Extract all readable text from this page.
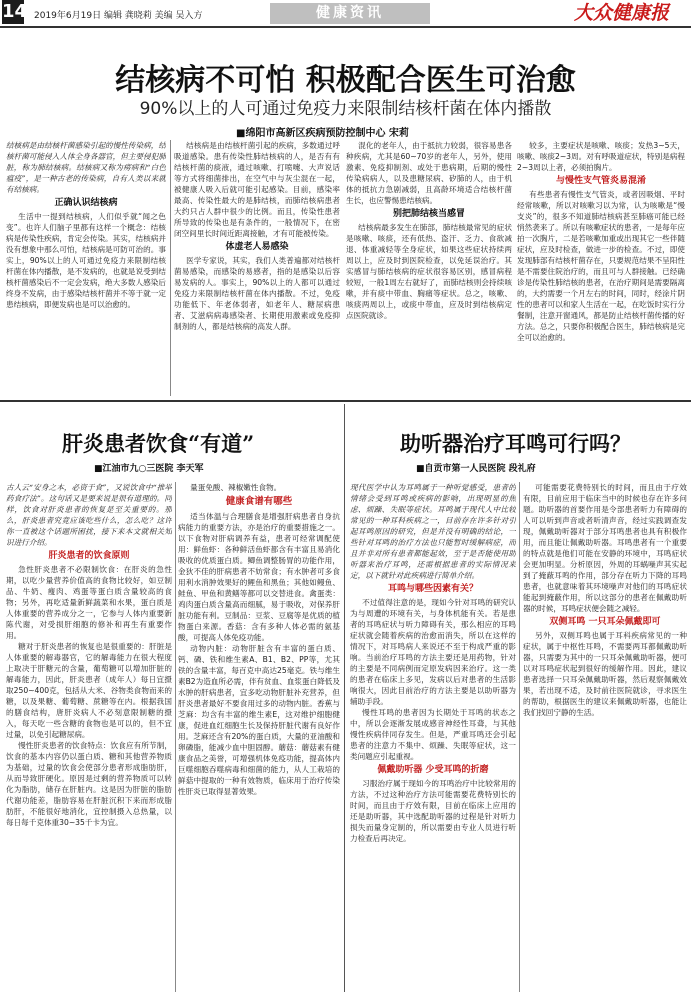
14 2019年6月19日 编辑 龚晓莉 美编 吴入方	健康资讯	大众健康报
结核病不可怕 积极配合医生可治愈
90%以上的人可通过免疫力来限制结核杆菌在体内播散
■绵阳市高新区疾病预防控制中心 宋莉

结核病是由结核杆菌感染引起的慢性传染病，结核杆菌可能侵入人体全身各器官，但主要侵犯肺脏，称为肺结核病。结核病又称为痨病和“白色瘟疫”，是一种古老的传染病，自有人类以来就有结核病。

正确认识结核病

生活中一提到结核病，人们似乎就“闻之色变”。也许人们脑子里都有这样一个概念：结核病是传染性疾病，肯定会传染。其实，结核病并没有想象中那么可怕，结核病是可防可治的。事实上，90%以上的人可通过免疫力来限制结核杆菌在体内播散，是不发病的，也就是说受到结核杆菌感染后不一定会发病，绝大多数人感染后终身不发病，由于感染结核杆菌并不等于就一定患结核病，即便发病也是可以治愈的。

结核病是由结核杆菌引起的疾病，多数通过呼吸道感染。患有传染性肺结核病的人，是否有有结核杆菌的痰液，通过咳嗽、打喷嚏、大声说话等方式将细菌排出，在空气中与灰尘混在一起，被健康人吸入后就可能引起感染。目前，感染率最高、传染性最大的是肺结核，而肺结核病患者大约只占人群中很少的比例。而且，传染性患者所导致的传染也是有条件的，一般情况下，在密闭空间里长时间近距离接触，才有可能被传染。

体虚老人易感染

医学专家说，其实，我们人类普遍都对结核杆菌易感染，而感染的易感者，指的是感染以后容易发病的人。事实上，90%以上的人都可以通过免疫力来限制结核杆菌在体内播散。不过，免疫功能低下、年老体弱者，如老年人、糖尿病患者、艾滋病病毒感染者、长期使用激素或免疫抑制剂的人，都是结核病的高发人群。

混化的老年人，由于抵抗力较弱，很容易患各种疾病，尤其是60~70岁的老年人，另外，使用激素、免疫抑制剂、或处于患病期，后期的慢性传染病病人，以及患糖尿病、矽肺的人，由于机体的抵抗力急剧减弱，且高龄环境适合结核杆菌生长，也应警惕患结核病。

别把肺结核当感冒

结核病最多发生在肺部，肺结核最常见的症状是咳嗽、咳痰，还有低热、盗汗、乏力、食欲减退、体重减轻等全身症状，如果这些症状持续两周以上，应及时到医院检查，以免延误治疗。其实感冒与肺结核病的症状很容易区别，感冒病程较短，一般1周左右就好了，而肺结核则会持续咳嗽，并有痰中带血、胸痛等症状。总之，咳嗽、咳痰两周以上，或痰中带血，应及时到结核病定点医院就诊。

较多，主要症状是咳嗽、咳痰；发热3~5天，咳嗽、咳痰2~3周。对有呼吸道症状，特别是病程2~3周以上者，必须拍胸片。

与慢性支气管炎易混淆

有些患者有慢性支气管炎，或者因吸烟、平时经常咳嗽，所以对咳嗽习以为常，认为咳嗽是“慢支炎”的，很多不知道肺结核病甚至肺癌可能已经悄然袭来了。所以有咳嗽症状的患者，一是每年应拍一次胸片，二是若咳嗽加重或出现其它一些伴随症状，应及时检查，做进一步的检查。不过，即使发现肺部有结核杆菌存在，只要规范结果不呈阳性是不需要住院治疗的，而且可与人群接触。已经确诊是传染性肺结核的患者，在治疗期间是需要隔离的，大约需要一个月左右的时间，同时，经涂片阴性的患者可以和家人生活在一起，在吃饭时实行分餐制，注意开窗通风，都是防止结核杆菌传播的好方法。总之，只要你积极配合医生，肺结核病是完全可以治愈的。

肝炎患者饮食“有道”
■江油市九○三医院 李天军

古人云“安身之本，必资于食”，又说饮食中“推举药食疗法”。这句话又是要来说是很有道理的。同样，饮食对肝炎患者的恢复是至关重要的。那么，肝炎患者究竟应该吃些什么，怎么吃？这许你一直被这个话题所困扰，接下来本文就相关知识进行介绍。

肝炎患者的饮食原则

急性肝炎患者不必限制饮食：在肝炎的急性期，以吃少量营养价值高的食物比较好，如豆制品、牛奶、瘦肉、鸡蛋等蛋白质含量较高的食物；另外，再吃适量新鲜蔬菜和水果，蛋白质是人体重要的营养成分之一，它参与人体内重要新陈代谢，对受损肝细胞的修补和再生有重要作用。

糖对于肝炎患者的恢复也是很重要的：肝脏是人体重要的解毒器官，它的解毒能力在很大程度上取决于肝糖元的含量，葡萄糖可以增加肝脏的解毒能力，因此，肝炎患者（成年人）每日宜摄取250~400克，包括从大米、谷物类食物而来的糖，以及果糖、葡萄糖、蔗糖等在内。根据我国的膳食结构，唐肝炎病人不必刻意限制糖的摄入，每天吃一些含糖的食物也是可以的，但不宜过量，以免引起糖尿病。

慢性肝炎患者的饮食特点：饮食应有所节制，饮食的基本内容仍以蛋白质、糖和其他营养物质为基础，过量的饮食会使部分患者形成脂肪肝，从而导致肝硬化。原因是过剩的营养物质可以转化为脂肪，储存在肝脏内。这是因为肝脏的脂肪代谢功能差，脂肪容易在肝脏沉积下来而形成脂肪肝，不能很好地消化，宜控制摄入总热量，以每日每千克体重30~35千卡为宜。

量蛋免酸、辣椒嫩性食物。

健康食谱有哪些

适当体温与合理膳食是增强肝病患者自身抗病能力的重要方法，亦是治疗的重要措施之一。以下食物对肝病调养有益，患者可经常调配使用：鲜鱼虾：各种鲜活鱼虾都含有丰富且易消化吸收的优质蛋白质。鲫鱼调整肠胃的功能作用，金狄不佳的肝病患者不妨常食；有水肿者可多食用利水消肿效果好的鲤鱼和黑鱼；其他如鳗鱼、鲑鱼、甲鱼和黄鳝等都可以交替进食。禽蛋类：鸡肉蛋白质含量高而细腻，易于吸收，对保养肝脏功能有利。豆制品：豆浆、豆腐等是优质的植物蛋白来源。香菇：含有多种人体必需的氨基酸，可提高人体免疫功能。

动物内脏：动物肝脏含有丰富的蛋白质、钙、磷、铁和维生素A、B1、B2、PP等，尤其铁的含量丰富，每百克中高达25毫克。铁与维生素B2为造血所必需，伴有贫血、血浆蛋白降低及水肿的肝病患者，宜多吃动物肝脏补充营养，但肝炎患者最好不要食用过多的动物内脏。香蕉与芝麻：均含有丰富的维生素E，这对维护细胞健康，促进血红细胞生长及保持肝脏代谢有良好作用。芝麻还含有20%的蛋白质，大量的亚油酸和卵磷脂，能减少血中胆固醇。蘑菇：蘑菇素有健康食品之美誉，可增强机体免疫功能，提高体内巨噬细胞吞噬病毒和细菌的能力，从人工栽培的鲜菇中提取的一种有效物质，临床用于治疗传染性肝炎已取得显著效果。

助听器治疗耳鸣可行吗？
■自贡市第一人民医院 段礼府

现代医学中认为耳鸣属于一种听觉感受，患者的情绪会受到耳鸣或疾病的影响，出现明显的焦虑、烦躁、失眠等症状。耳鸣属于现代人中比较常见的一种耳科疾病之一，目前存在许多针对引起耳鸣原因的研究，但是并没有明确的结论，一些针对耳鸣的治疗方法也只能暂时缓解病症，而且并非对所有患者都能起效，至于是否能使用助听器来治疗耳鸣，还需根据患者的实际情况来定，以下就针对此疾病进行简单介绍。

耳鸣与哪些因素有关？

不过值得注意的是，现如今针对耳鸣的研究认为与周遭的环境有关，与身体机能有关。若是患者的耳鸣症状与听力障碍有关，那么相应的耳鸣症状就会随着疾病的治愈而消失，所以在这样的情况下，对耳鸣病人来说还不至于构成严重的影响。当前治疗耳鸣的方法主要还是用药物，针对的主要是不同病例而定原发病因来治疗。这一类的患者在临床上多见，发病以后对患者的生活影响很大，因此目前治疗的方法主要是以助听器为辅助手段。

慢性耳鸣的患者因为长期处于耳鸣的状态之中，所以会逐渐发展成感音神经性耳聋，与其他慢性疾病伴同存发生。但是，严重耳鸣还会引起患者的注意力不集中、烦躁、失眠等症状，这一类问题应引起重视。

佩戴助听器 少受耳鸣的折磨

习服治疗属于现如今的耳鸣治疗中比较常用的方法，不过这种治疗方法可能需要花费特别长的时间，而且由于疗效有限，目前在临床上应用的还是助听器，其中选配助听器的过程是针对听力损失而量身定制的，所以需要由专业人员进行听力检查后再决定。

可能需要花费特别长的时间，而且由于疗效有限，目前应用于临床当中的时候也存在许多问题。助听器的首要作用是令部患者听力有障碍的人可以听到声音或者听清声音，经过实践调查发现，佩戴助听器对于部分耳鸣患者也具有积极作用，而且能让佩戴助听器。耳鸣患者有一个重要的特点就是他们可能在安静的环境中，耳鸣症状会更加明显。分析原因，外周的耳蜗噪声其实起到了掩蔽耳鸣的作用，部分存在听力下降的耳鸣患者，也就意味着其环境噪声对他们的耳鸣症状能起到掩蔽作用，所以这部分的患者在佩戴助听器的时候，耳鸣症状便会随之减轻。

双侧耳鸣 一只耳朵佩戴即可

另外，双侧耳鸣也属于耳科疾病常见的一种症状，属于中枢性耳鸣，不需要两耳都佩戴助听器，只需要为其中的一只耳朵佩戴助听器，便可以对耳鸣症状起到很好的缓解作用。因此，建议患者选择一只耳朵佩戴助听器，然后观察佩戴效果，若出现不适，及时前往医院就诊，寻求医生的帮助，根据医生的建议来佩戴助听器，也能让我们找回宁静的生活。
